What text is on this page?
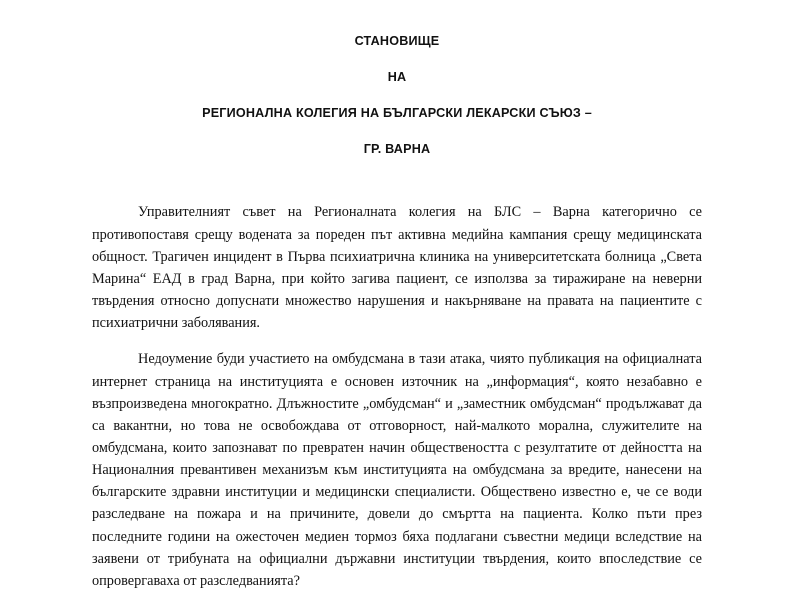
СТАНОВИЩЕ
НА
РЕГИОНАЛНА КОЛЕГИЯ НА БЪЛГАРСКИ ЛЕКАРСКИ СЪЮЗ –
ГР. ВАРНА

Управителният съвет на Регионалната колегия на БЛС – Варна категорично се противопоставя срещу водената за пореден път активна медийна кампания срещу медицинската общност. Трагичен инцидент в Първа психиатрична клиника на университетската болница „Света Марина“ ЕАД в град Варна, при който загива пациент, се използва за тиражиране на неверни твърдения относно допуснати множество нарушения и накърняване на правата на пациентите с психиатрични заболявания.

Недоумение буди участието на омбудсмана в тази атака, чиято публикация на официалната интернет страница на институцията е основен източник на „информация“, която незабавно е възпроизведена многократно. Длъжностите „омбудсман“ и „заместник омбудсман“ продължават да са вакантни, но това не освобождава от отговорност, най-малкото морална, служителите на омбудсмана, които запознават по превратен начин обществеността с резултатите от дейността на Националния превантивен механизъм към институцията на омбудсмана за вредите, нанесени на българските здравни институции и медицински специалисти. Обществено известно е, че се води разследване на пожара и на причините, довели до смъртта на пациента. Колко пъти през последните години на ожесточен медиен тормоз бяха подлагани съвестни медици вследствие на заявени от трибуната на официални държавни институции твърдения, които впоследствие се опровергаваха от разследванията?
